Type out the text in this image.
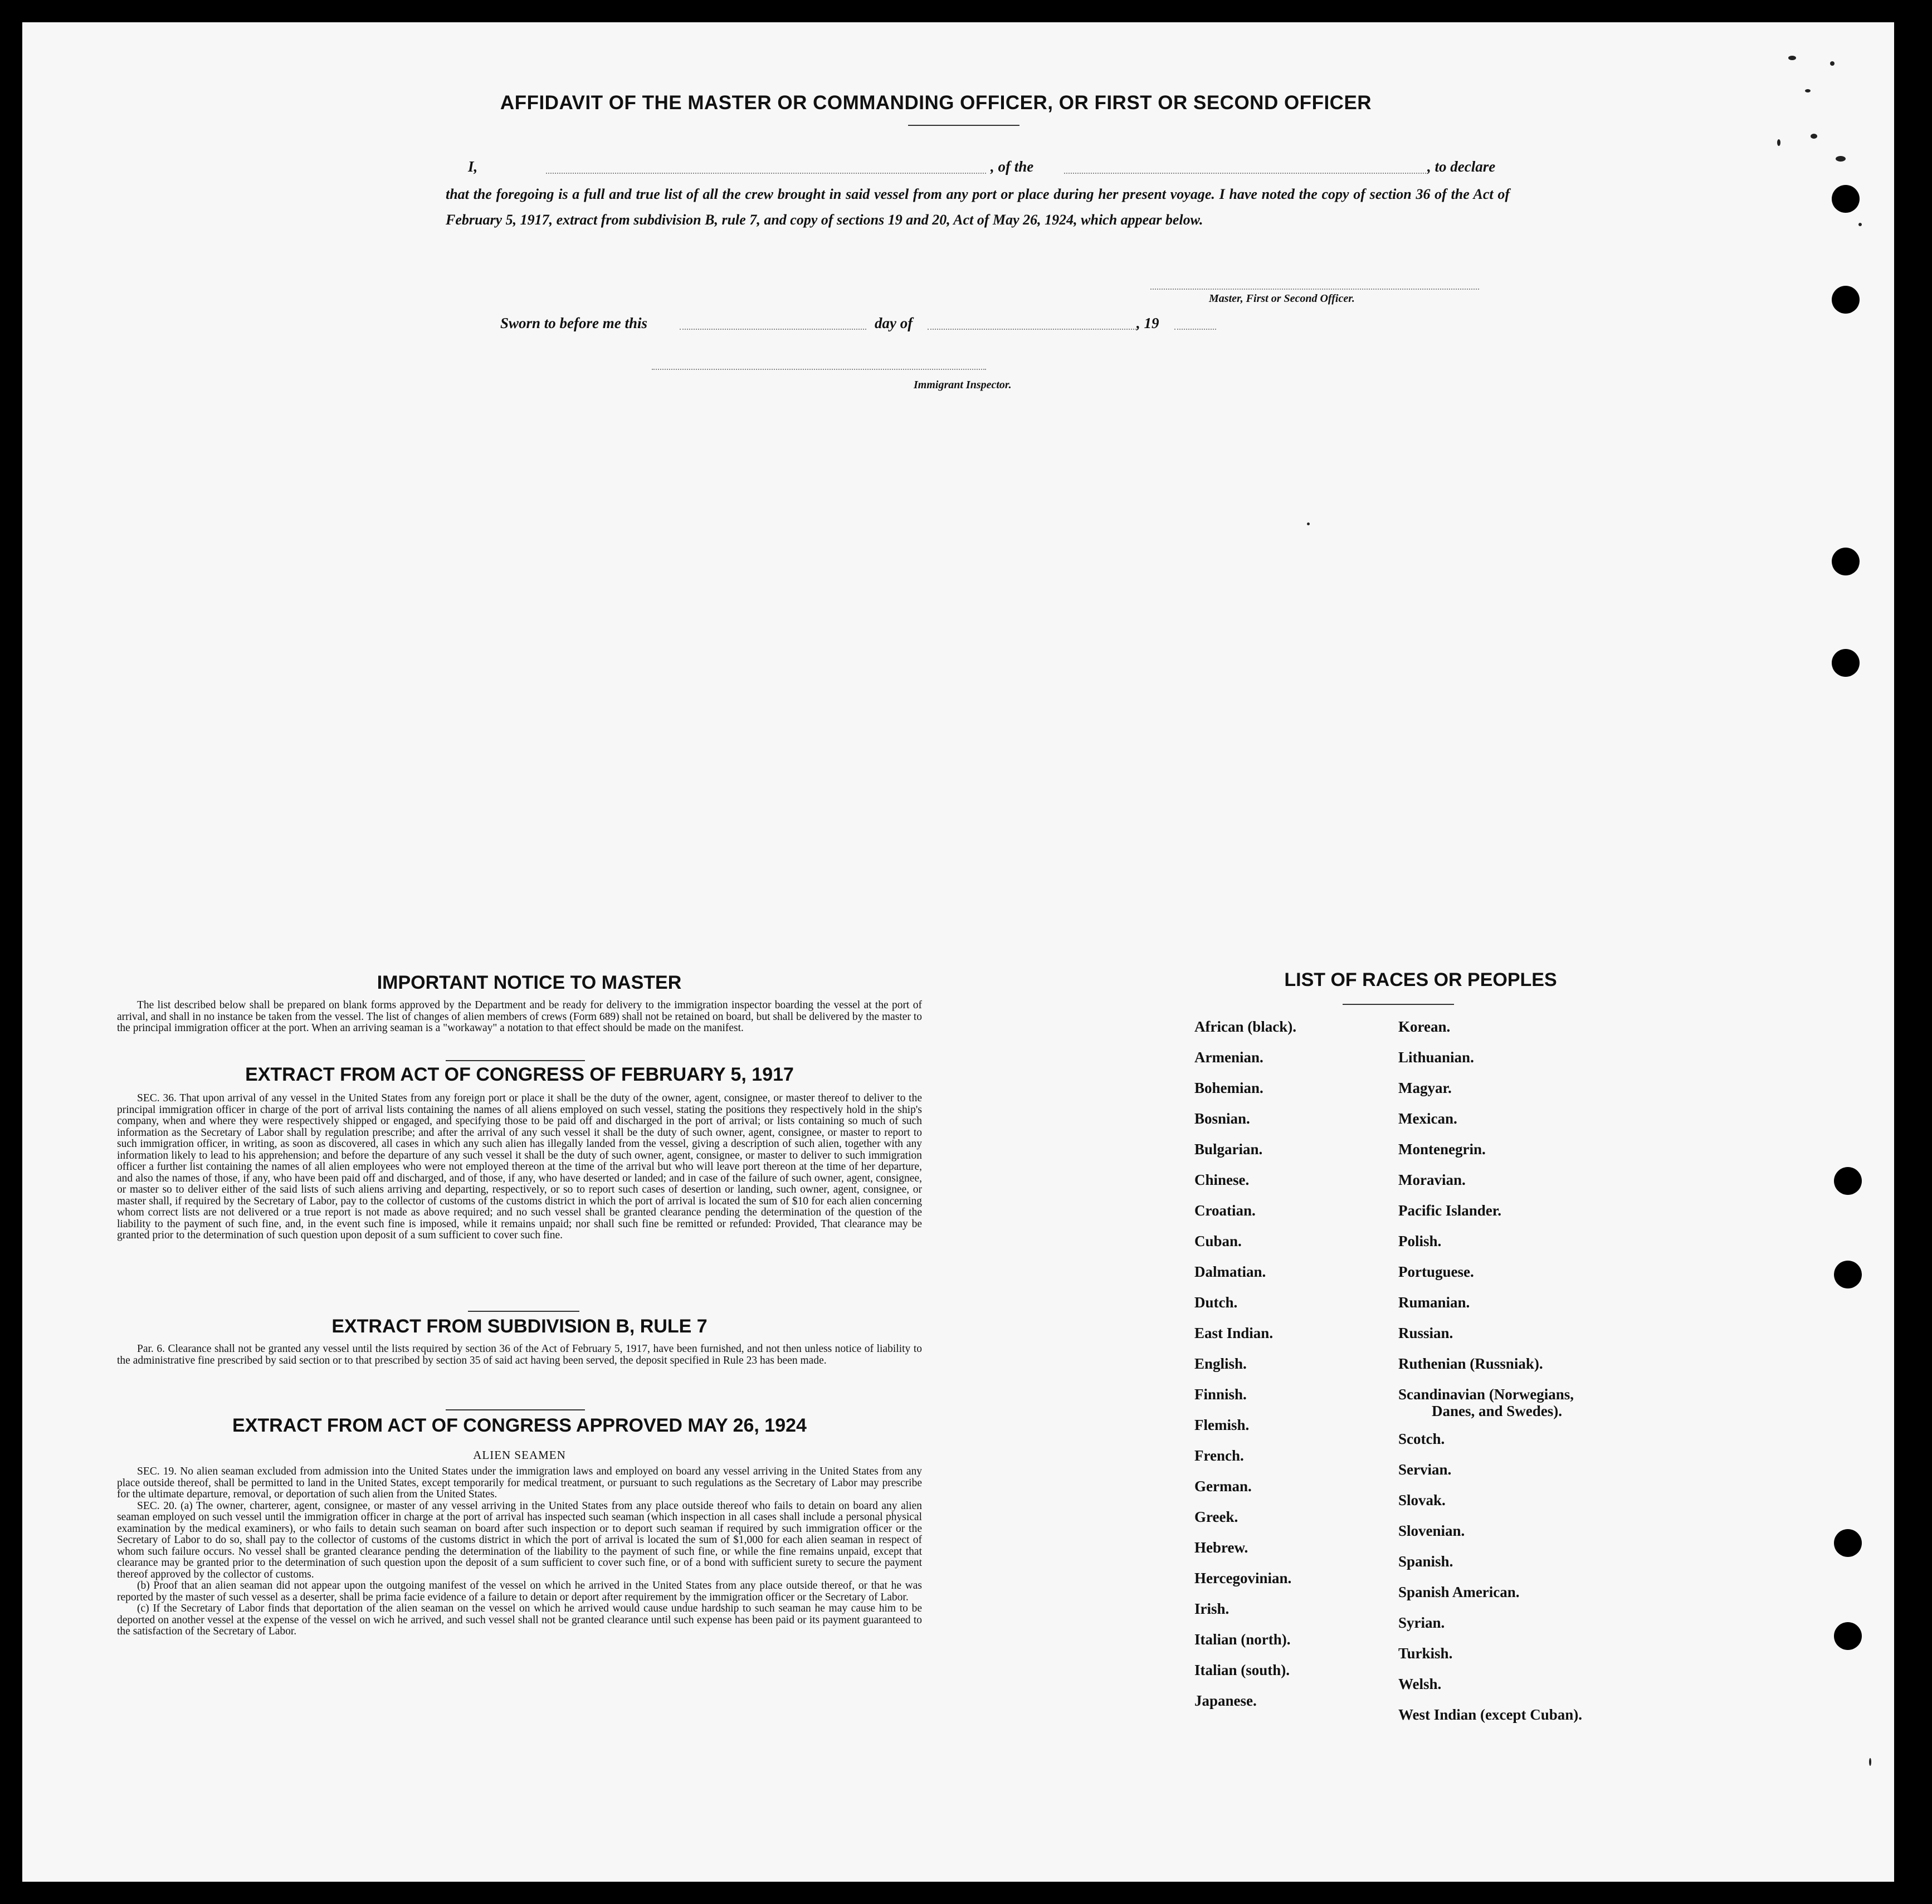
AFFIDAVIT OF THE MASTER OR COMMANDING OFFICER, OR FIRST OR SECOND OFFICER
I,	, of the	, to declare
that the foregoing is a full and true list of all the crew brought in said vessel from any port or place during her present voyage. I have noted the copy of section 36 of the Act of February 5, 1917, extract from subdivision B, rule 7, and copy of sections 19 and 20, Act of May 26, 1924, which appear below.
Master, First or Second Officer.
Sworn to before me this	day of	, 19
Immigrant Inspector.
IMPORTANT NOTICE TO MASTER

The list described below shall be prepared on blank forms approved by the Department and be ready for delivery to the immigration inspector boarding the vessel at the port of arrival, and shall in no instance be taken from the vessel. The list of changes of alien members of crews (Form 689) shall not be retained on board, but shall be delivered by the master to the principal immigration officer at the port. When an arriving seaman is a "workaway" a notation to that effect should be made on the manifest.

EXTRACT FROM ACT OF CONGRESS OF FEBRUARY 5, 1917

SEC. 36. That upon arrival of any vessel in the United States from any foreign port or place it shall be the duty of the owner, agent, consignee, or master thereof to deliver to the principal immigration officer in charge of the port of arrival lists containing the names of all aliens employed on such vessel, stating the positions they respectively hold in the ship's company, when and where they were respectively shipped or engaged, and specifying those to be paid off and discharged in the port of arrival; or lists containing so much of such information as the Secretary of Labor shall by regulation prescribe; and after the arrival of any such vessel it shall be the duty of such owner, agent, consignee, or master to report to such immigration officer, in writing, as soon as discovered, all cases in which any such alien has illegally landed from the vessel, giving a description of such alien, together with any information likely to lead to his apprehension; and before the departure of any such vessel it shall be the duty of such owner, agent, consignee, or master to deliver to such immigration officer a further list containing the names of all alien employees who were not employed thereon at the time of the arrival but who will leave port thereon at the time of her departure, and also the names of those, if any, who have been paid off and discharged, and of those, if any, who have deserted or landed; and in case of the failure of such owner, agent, consignee, or master so to deliver either of the said lists of such aliens arriving and departing, respectively, or so to report such cases of desertion or landing, such owner, agent, consignee, or master shall, if required by the Secretary of Labor, pay to the collector of customs of the customs district in which the port of arrival is located the sum of $10 for each alien concerning whom correct lists are not delivered or a true report is not made as above required; and no such vessel shall be granted clearance pending the determination of the question of the liability to the payment of such fine, and, in the event such fine is imposed, while it remains unpaid; nor shall such fine be remitted or refunded: Provided, That clearance may be granted prior to the determination of such question upon deposit of a sum sufficient to cover such fine.

EXTRACT FROM SUBDIVISION B, RULE 7

Par. 6. Clearance shall not be granted any vessel until the lists required by section 36 of the Act of February 5, 1917, have been furnished, and not then unless notice of liability to the administrative fine prescribed by said section or to that prescribed by section 35 of said act having been served, the deposit specified in Rule 23 has been made.

EXTRACT FROM ACT OF CONGRESS APPROVED MAY 26, 1924
ALIEN SEAMEN

SEC. 19. No alien seaman excluded from admission into the United States under the immigration laws and employed on board any vessel arriving in the United States from any place outside thereof, shall be permitted to land in the United States, except temporarily for medical treatment, or pursuant to such regulations as the Secretary of Labor may prescribe for the ultimate departure, removal, or deportation of such alien from the United States.

SEC. 20. (a) The owner, charterer, agent, consignee, or master of any vessel arriving in the United States from any place outside thereof who fails to detain on board any alien seaman employed on such vessel until the immigration officer in charge at the port of arrival has inspected such seaman (which inspection in all cases shall include a personal physical examination by the medical examiners), or who fails to detain such seaman on board after such inspection or to deport such seaman if required by such immigration officer or the Secretary of Labor to do so, shall pay to the collector of customs of the customs district in which the port of arrival is located the sum of $1,000 for each alien seaman in respect of whom such failure occurs. No vessel shall be granted clearance pending the determination of the liability to the payment of such fine, or while the fine remains unpaid, except that clearance may be granted prior to the determination of such question upon the deposit of a sum sufficient to cover such fine, or of a bond with sufficient surety to secure the payment thereof approved by the collector of customs.

(b) Proof that an alien seaman did not appear upon the outgoing manifest of the vessel on which he arrived in the United States from any place outside thereof, or that he was reported by the master of such vessel as a deserter, shall be prima facie evidence of a failure to detain or deport after requirement by the immigration officer or the Secretary of Labor.

(c) If the Secretary of Labor finds that deportation of the alien seaman on the vessel on which he arrived would cause undue hardship to such seaman he may cause him to be deported on another vessel at the expense of the vessel on wich he arrived, and such vessel shall not be granted clearance until such expense has been paid or its payment guaranteed to the satisfaction of the Secretary of Labor.

LIST OF RACES OR PEOPLES
African (black).
Armenian.
Bohemian.
Bosnian.
Bulgarian.
Chinese.
Croatian.
Cuban.
Dalmatian.
Dutch.
East Indian.
English.
Finnish.
Flemish.
French.
German.
Greek.
Hebrew.
Hercegovinian.
Irish.
Italian (north).
Italian (south).
Japanese.
Korean.
Lithuanian.
Magyar.
Mexican.
Montenegrin.
Moravian.
Pacific Islander.
Polish.
Portuguese.
Rumanian.
Russian.
Ruthenian (Russniak).
Scandinavian (Norwegians,
Danes, and Swedes).
Scotch.
Servian.
Slovak.
Slovenian.
Spanish.
Spanish American.
Syrian.
Turkish.
Welsh.
West Indian (except Cuban).
